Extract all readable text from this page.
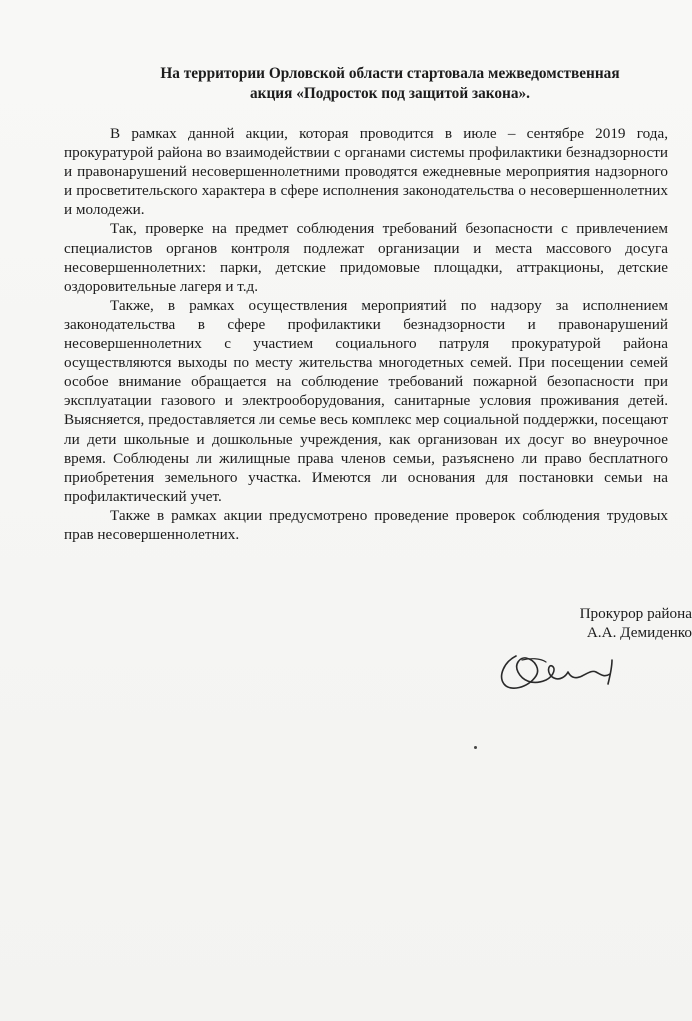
На территории Орловской области стартовала межведомственная
акция «Подросток под защитой закона».

В рамках данной акции, которая проводится в июле – сентябре 2019 года, прокуратурой района во взаимодействии с органами системы профилактики безнадзорности и правонарушений несовершеннолетними проводятся ежедневные мероприятия надзорного и просветительского характера в сфере исполнения законодательства о несовершеннолетних и молодежи.

Так, проверке на предмет соблюдения требований безопасности с привлечением специалистов органов контроля подлежат организации и места массового досуга несовершеннолетних: парки, детские придомовые площадки, аттракционы, детские оздоровительные лагеря и т.д.

Также, в рамках осуществления мероприятий по надзору за исполнением законодательства в сфере профилактики безнадзорности и правонарушений несовершеннолетних с участием социального патруля прокуратурой района осуществляются выходы по месту жительства многодетных семей. При посещении семей особое внимание обращается на соблюдение требований пожарной безопасности при эксплуатации газового и электрооборудования, санитарные условия проживания детей. Выясняется, предоставляется ли семье весь комплекс мер социальной поддержки, посещают ли дети школьные и дошкольные учреждения, как организован их досуг во внеурочное время. Соблюдены ли жилищные права членов семьи, разъяснено ли право бесплатного приобретения земельного участка. Имеются ли основания для постановки семьи на профилактический учет.

Также в рамках акции предусмотрено проведение проверок соблюдения трудовых прав несовершеннолетних.

Прокурор района
А.А. Демиденко
